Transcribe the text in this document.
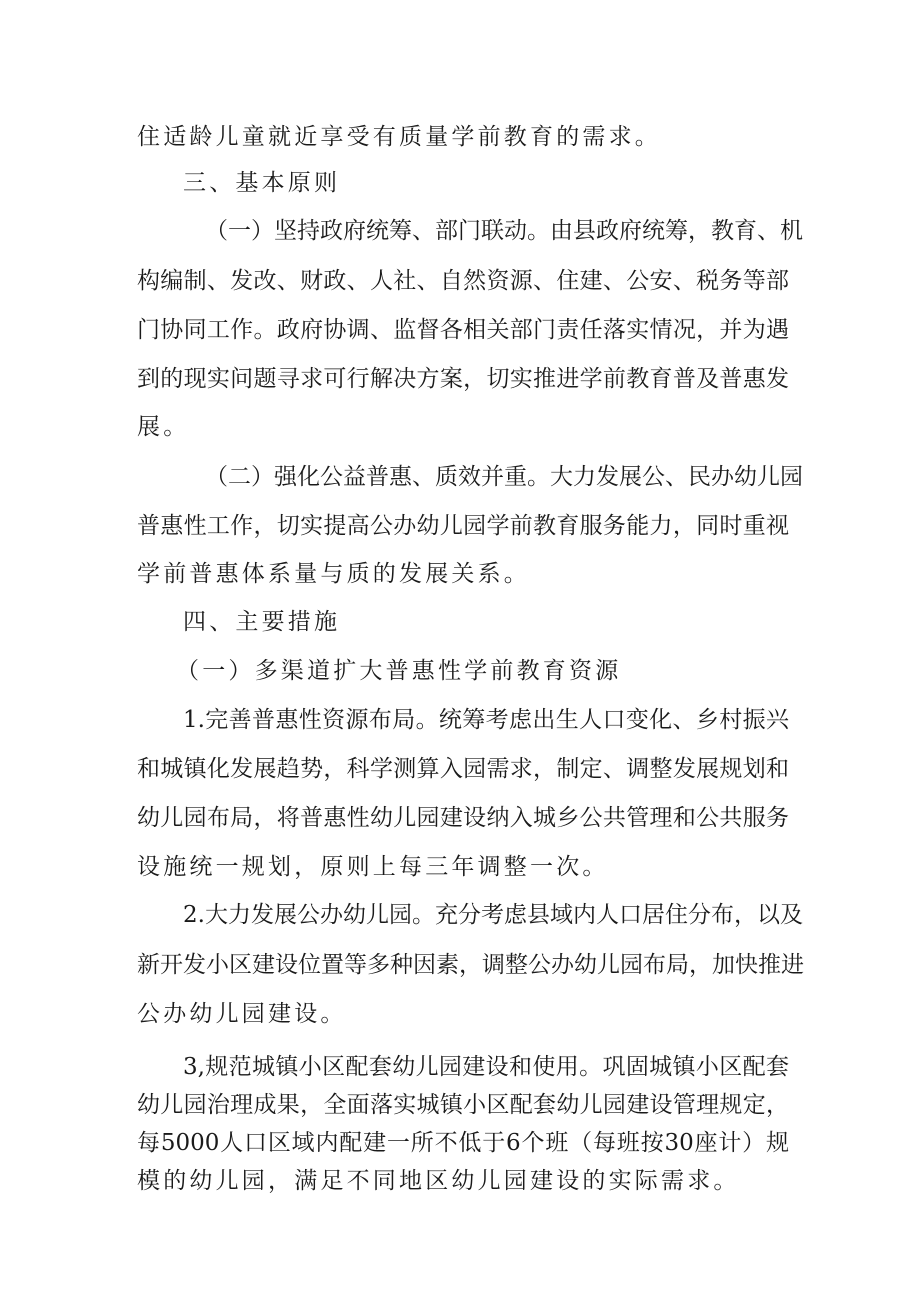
住适龄儿童就近享受有质量学前教育的需求。
三、基本原则
（一）坚持政府统筹、部门联动。由县政府统筹，教育、机
构编制、发改、财政、人社、自然资源、住建、公安、税务等部
门协同工作。政府协调、监督各相关部门责任落实情况，并为遇
到的现实问题寻求可行解决方案，切实推进学前教育普及普惠发
展。
（二）强化公益普惠、质效并重。大力发展公、民办幼儿园
普惠性工作，切实提高公办幼儿园学前教育服务能力，同时重视
学前普惠体系量与质的发展关系。
四、主要措施
（一）多渠道扩大普惠性学前教育资源
1.完善普惠性资源布局。统筹考虑出生人口变化、乡村振兴
和城镇化发展趋势，科学测算入园需求，制定、调整发展规划和
幼儿园布局，将普惠性幼儿园建设纳入城乡公共管理和公共服务
设施统一规划，原则上每三年调整一次。
2.大力发展公办幼儿园。充分考虑县域内人口居住分布，以及
新开发小区建设位置等多种因素，调整公办幼儿园布局，加快推进
公办幼儿园建设。
3,规范城镇小区配套幼儿园建设和使用。巩固城镇小区配套
幼儿园治理成果，全面落实城镇小区配套幼儿园建设管理规定，
每5000人口区域内配建一所不低于6个班（每班按30座计）规
模的幼儿园，满足不同地区幼儿园建设的实际需求。
